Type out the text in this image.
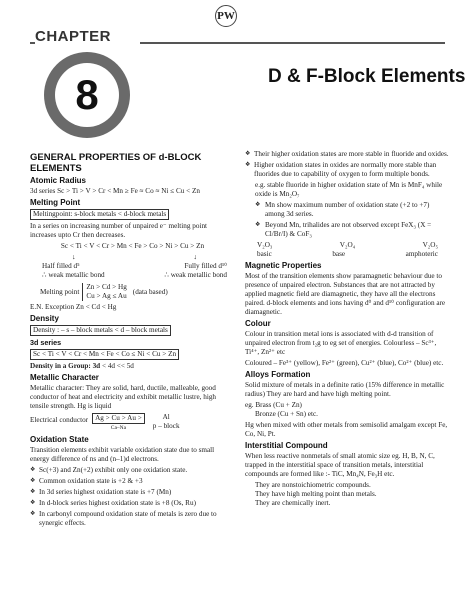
PW
CHAPTER
8	D & F-Block Elements
GENERAL PROPERTIES OF d-BLOCK ELEMENTS
Atomic Radius

3d series Sc > Ti > V > Cr < Mn ≥ Fe ≈ Co ≈ Ni ≤ Cu < Zn

Melting Point

Meltingpoint: s-block metals < d-block metals

In a series on increasing number of unpaired e⁻ melting point increases upto Cr then decreases.

Sc < Ti < V < Cr > Mn < Fe > Co > Ni > Cu > Zn

↓	↓
Half filled d⁵	Fully filled d¹⁰
∴ weak metallic bond	∴ weak metallic bond
Melting point
Zn > Cd > Hg
Cu > Ag ≤ Au
(data based)

E.N. Exception Zn < Cd < Hg

Density

Density : – s – block metals < d – block metals

3d series

Sc < Ti < V < Cr < Mn < Fe < Co ≤ Ni < Cu > Zn

Density in a Group: 3d < 4d << 5d

Metallic Character

Metallic character: They are solid, hard, ductile, malleable, good conductor of heat and electricity and exhibit metallic lustre, high tensile strength. Hg is liquid

Electrical conductor Ag > Cu > Au >
Ca–Na
Al
p – block
Oxidation State

Transition elements exhibit variable oxidation state due to small energy difference of ns and (n–1)d electrons.

❖ Sc(+3) and Zn(+2) exhibit only one oxidation state.
❖ Common oxidation state is +2 & +3
❖ In 3d series highest oxidation state is +7 (Mn)
❖ In d-block series highest oxidation state is +8 (Os, Ru)
❖ In carbonyl compound oxidation state of metals is zero due to synergic effects.
❖ Their higher oxidation states are more stable in fluoride and oxides.
❖ Higher oxidation states in oxides are normally more stable than fluorides due to capability of oxygen to form multiple bonds.

e.g. stable fluoride in higher oxidation state of Mn is MnF₄ while oxide is Mn₂O₇

❖ Mn show maximum number of oxidation state (+2 to +7) among 3d series.
❖ Beyond Mn, trihalides are not observed except FeX₃ (X = Cl/Br/I) & CoF₃
V₂O₃	V₂O₄	V₂O₅
basic	base	amphoteric
Magnetic Properties

Most of the transition elements show paramagnetic behaviour due to presence of unpaired electron. Substances that are not attracted by applied magnetic field are diamagnetic, they have all the electrons paired. d-block elements and ions having d⁰ and d¹⁰ configuration are diamagnetic.

Colour

Colour in transition metal ions is associated with d-d transition of unpaired electron from t₂g to eg set of energies. Colourless – Sc³⁺, Ti⁴⁺, Zn²⁺ etc

Coloured – Fe³⁺ (yellow), Fe²⁺ (green), Cu²⁺ (blue), Co²⁺ (blue) etc.

Alloys Formation

Solid mixture of metals in a definite ratio (15% difference in metallic radius) They are hard and have high melting point.

eg. Brass (Cu + Zn)

Bronze (Cu + Sn) etc.

Hg when mixed with other metals from semisolid amalgam except Fe, Co, Ni, Pt.

Interstitial Compound

When less reactive nonmetals of small atomic size eg. H, B, N, C, trapped in the interstitial space of transition metals, interstitial compounds are formed like :- TiC, Mn₄N, Fe₃H etc.

They are nonstoichiometric compounds.

They have high melting point than metals.

They are chemically inert.
